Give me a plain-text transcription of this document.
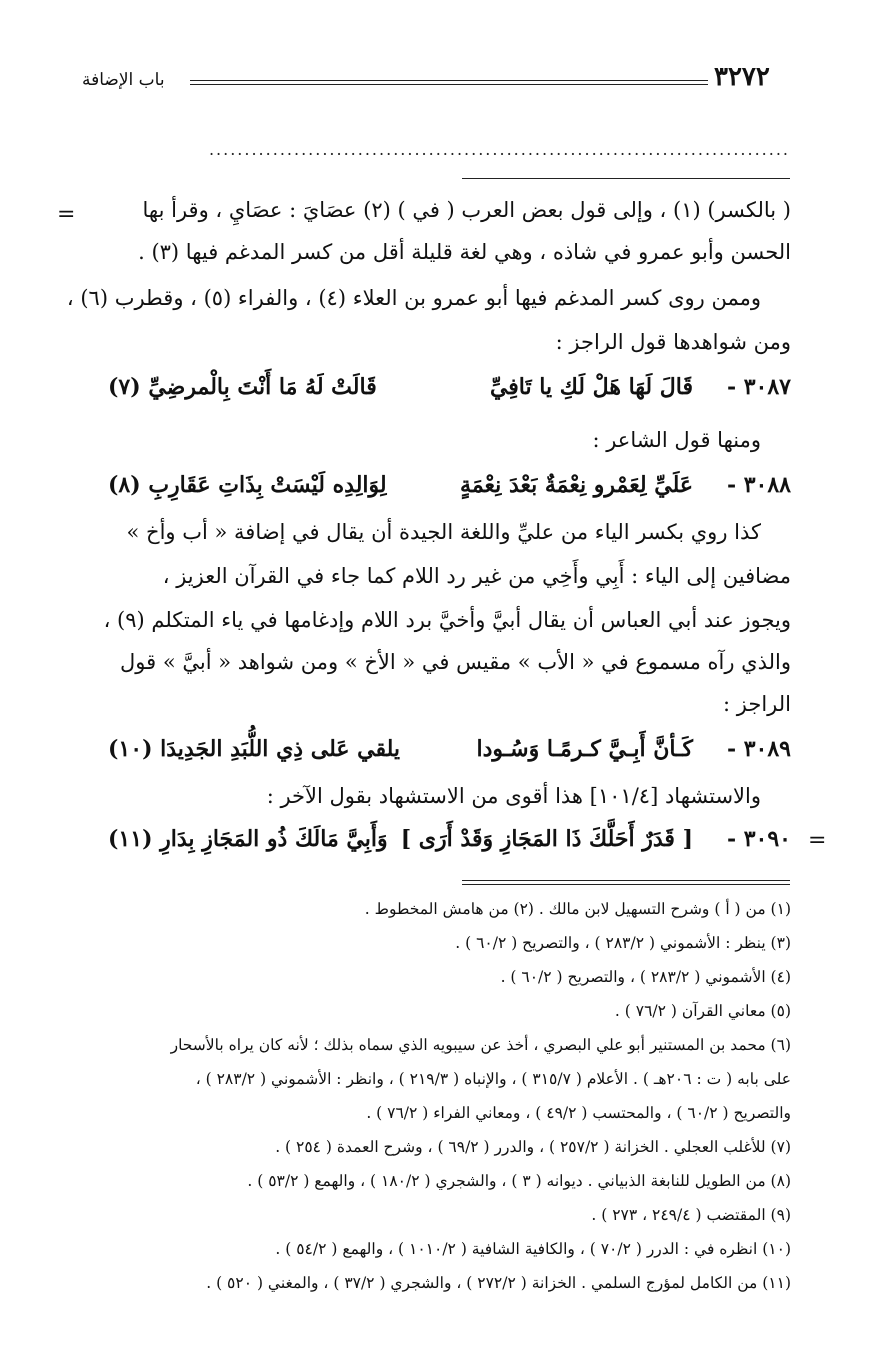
٣٢٧٢
باب الإضافة
..................................................................................
=
=
( بالكسر) (١) ، وإلى قول بعض العرب ( في ) (٢) عصَايَ : عصَايِ ، وقرأ بها
الحسن وأبو عمرو في شاذه ، وهي لغة قليلة أقل من كسر المدغم فيها (٣) .
وممن روى كسر المدغم فيها أبو عمرو بن العلاء (٤) ، والفراء (٥) ، وقطرب (٦) ،
ومن شواهدها قول الراجز :
٣٠٨٧ -
قَالَ لَهَا هَلْ لَكِ يا تَافِيِّ
قَالَتْ لَهُ مَا أَنْتَ بِالْمرضِيِّ (٧)
ومنها قول الشاعر :
٣٠٨٨ -
عَلَيِّ لِعَمْرو نِعْمَةٌ بَعْدَ نِعْمَةٍ
لِوَالِدِه لَيْسَتْ بِذَاتِ عَقَارِبِ (٨)
كذا روي بكسر الياء من عليِّ واللغة الجيدة أن يقال في إضافة « أب وأخ »
مضافين إلى الياء : أَبِي وأَخِي من غير رد اللام كما جاء في القرآن العزيز ،
ويجوز عند أبي العباس أن يقال أبيَّ وأخيَّ برد اللام وإدغامها في ياء المتكلم (٩) ،
والذي رآه مسموع في « الأب » مقيس في « الأخ » ومن شواهد « أبيَّ » قول
الراجز :
٣٠٨٩ -
كَـأنَّ أَبِـيَّ كـرمًـا وَسُـودا
يلقي عَلى ذِي اللُّبَدِ الجَدِيدَا (١٠)
والاستشهاد [١٠١/٤] هذا أقوى من الاستشهاد بقول الآخر :
٣٠٩٠ -
[ قَدَرٌ أَحَلَّكَ ذَا المَجَازِ وَقَدْ أَرَى ]
وَأَبِيَّ مَالَكَ ذُو المَجَازِ بِدَارِ (١١)
(١) من ( أ ) وشرح التسهيل لابن مالك . (٢) من هامش المخطوط .
(٣) ينظر : الأشموني ( ٢٨٣/٢ ) ، والتصريح ( ٦٠/٢ ) .
(٤) الأشموني ( ٢٨٣/٢ ) ، والتصريح ( ٦٠/٢ ) .
(٥) معاني القرآن ( ٧٦/٢ ) .
(٦) محمد بن المستنير أبو علي البصري ، أخذ عن سيبويه الذي سماه بذلك ؛ لأنه كان يراه بالأسحار
على بابه ( ت : ٢٠٦هـ ) . الأعلام ( ٣١٥/٧ ) ، والإنباه ( ٢١٩/٣ ) ، وانظر : الأشموني ( ٢٨٣/٢ ) ،
والتصريح ( ٦٠/٢ ) ، والمحتسب ( ٤٩/٢ ) ، ومعاني الفراء ( ٧٦/٢ ) .
(٧) للأغلب العجلي . الخزانة ( ٢٥٧/٢ ) ، والدرر ( ٦٩/٢ ) ، وشرح العمدة ( ٢٥٤ ) .
(٨) من الطويل للنابغة الذبياني . ديوانه ( ٣ ) ، والشجري ( ١٨٠/٢ ) ، والهمع ( ٥٣/٢ ) .
(٩) المقتضب ( ٢٤٩/٤ ، ٢٧٣ ) .
(١٠) انظره في : الدرر ( ٧٠/٢ ) ، والكافية الشافية ( ١٠١٠/٢ ) ، والهمع ( ٥٤/٢ ) .
(١١) من الكامل لمؤرج السلمي . الخزانة ( ٢٧٢/٢ ) ، والشجري ( ٣٧/٢ ) ، والمغني ( ٥٢٠ ) .
